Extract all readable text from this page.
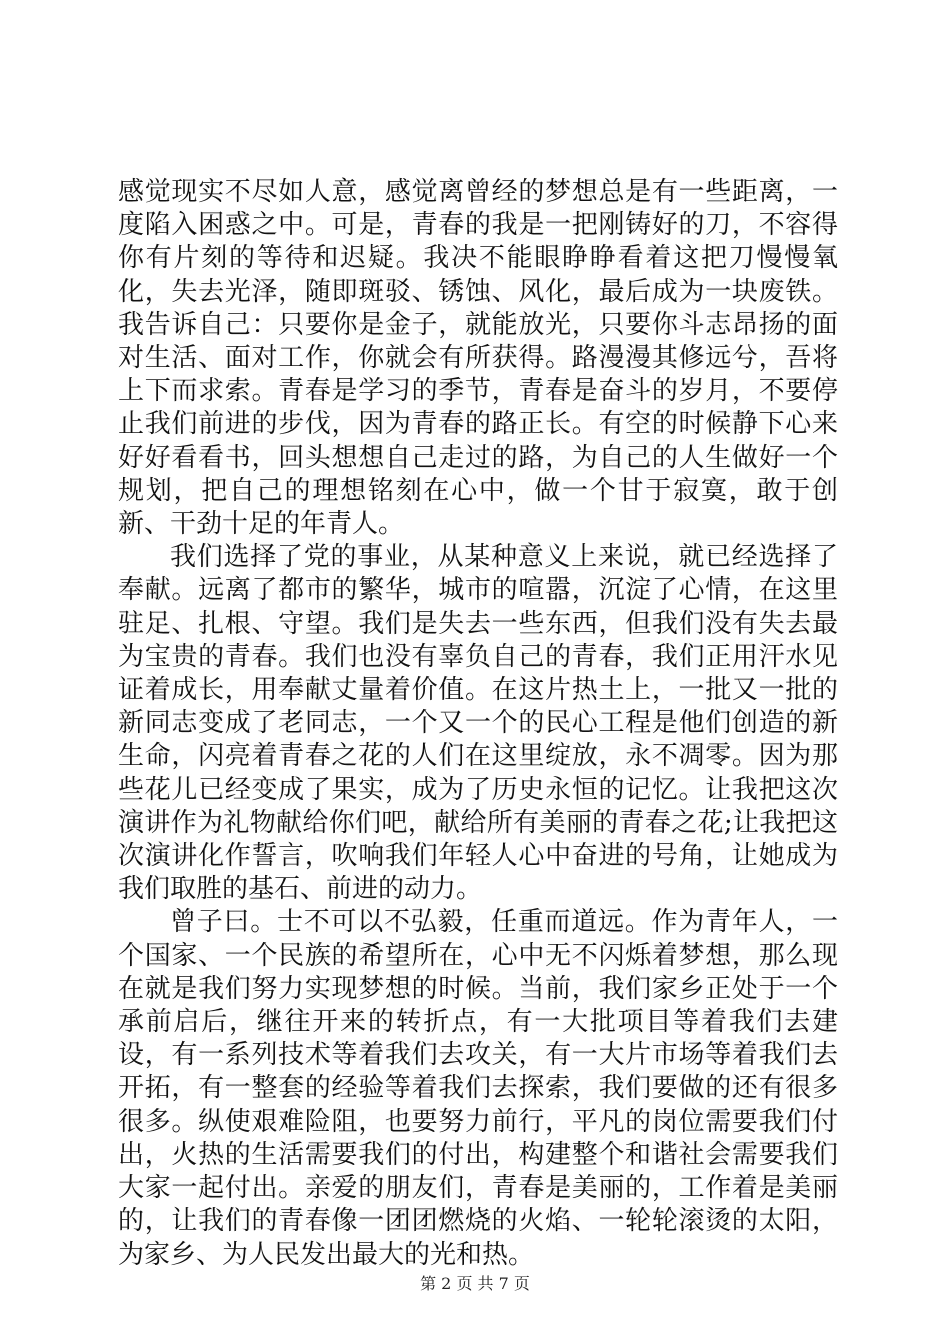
感觉现实不尽如人意，感觉离曾经的梦想总是有一些距离，一度陷入困惑之中。可是，青春的我是一把刚铸好的刀，不容得你有片刻的等待和迟疑。我决不能眼睁睁看着这把刀慢慢氧化，失去光泽，随即斑驳、锈蚀、风化，最后成为一块废铁。我告诉自己：只要你是金子，就能放光，只要你斗志昂扬的面对生活、面对工作，你就会有所获得。路漫漫其修远兮，吾将上下而求索。青春是学习的季节，青春是奋斗的岁月，不要停止我们前进的步伐，因为青春的路正长。有空的时候静下心来好好看看书，回头想想自己走过的路，为自己的人生做好一个规划，把自己的理想铭刻在心中，做一个甘于寂寞，敢于创新、干劲十足的年青人。

我们选择了党的事业，从某种意义上来说，就已经选择了奉献。远离了都市的繁华，城市的喧嚣，沉淀了心情，在这里驻足、扎根、守望。我们是失去一些东西，但我们没有失去最为宝贵的青春。我们也没有辜负自己的青春，我们正用汗水见证着成长，用奉献丈量着价值。在这片热土上，一批又一批的新同志变成了老同志，一个又一个的民心工程是他们创造的新生命，闪亮着青春之花的人们在这里绽放，永不凋零。因为那些花儿已经变成了果实，成为了历史永恒的记忆。让我把这次演讲作为礼物献给你们吧，献给所有美丽的青春之花;让我把这次演讲化作誓言，吹响我们年轻人心中奋进的号角，让她成为我们取胜的基石、前进的动力。

曾子曰。士不可以不弘毅，任重而道远。作为青年人，一个国家、一个民族的希望所在，心中无不闪烁着梦想，那么现在就是我们努力实现梦想的时候。当前，我们家乡正处于一个承前启后，继往开来的转折点，有一大批项目等着我们去建设，有一系列技术等着我们去攻关，有一大片市场等着我们去开拓，有一整套的经验等着我们去探索，我们要做的还有很多很多。纵使艰难险阻，也要努力前行，平凡的岗位需要我们付出，火热的生活需要我们的付出，构建整个和谐社会需要我们大家一起付出。亲爱的朋友们，青春是美丽的，工作着是美丽的，让我们的青春像一团团燃烧的火焰、一轮轮滚烫的太阳，为家乡、为人民发出最大的光和热。

第 2 页 共 7 页
